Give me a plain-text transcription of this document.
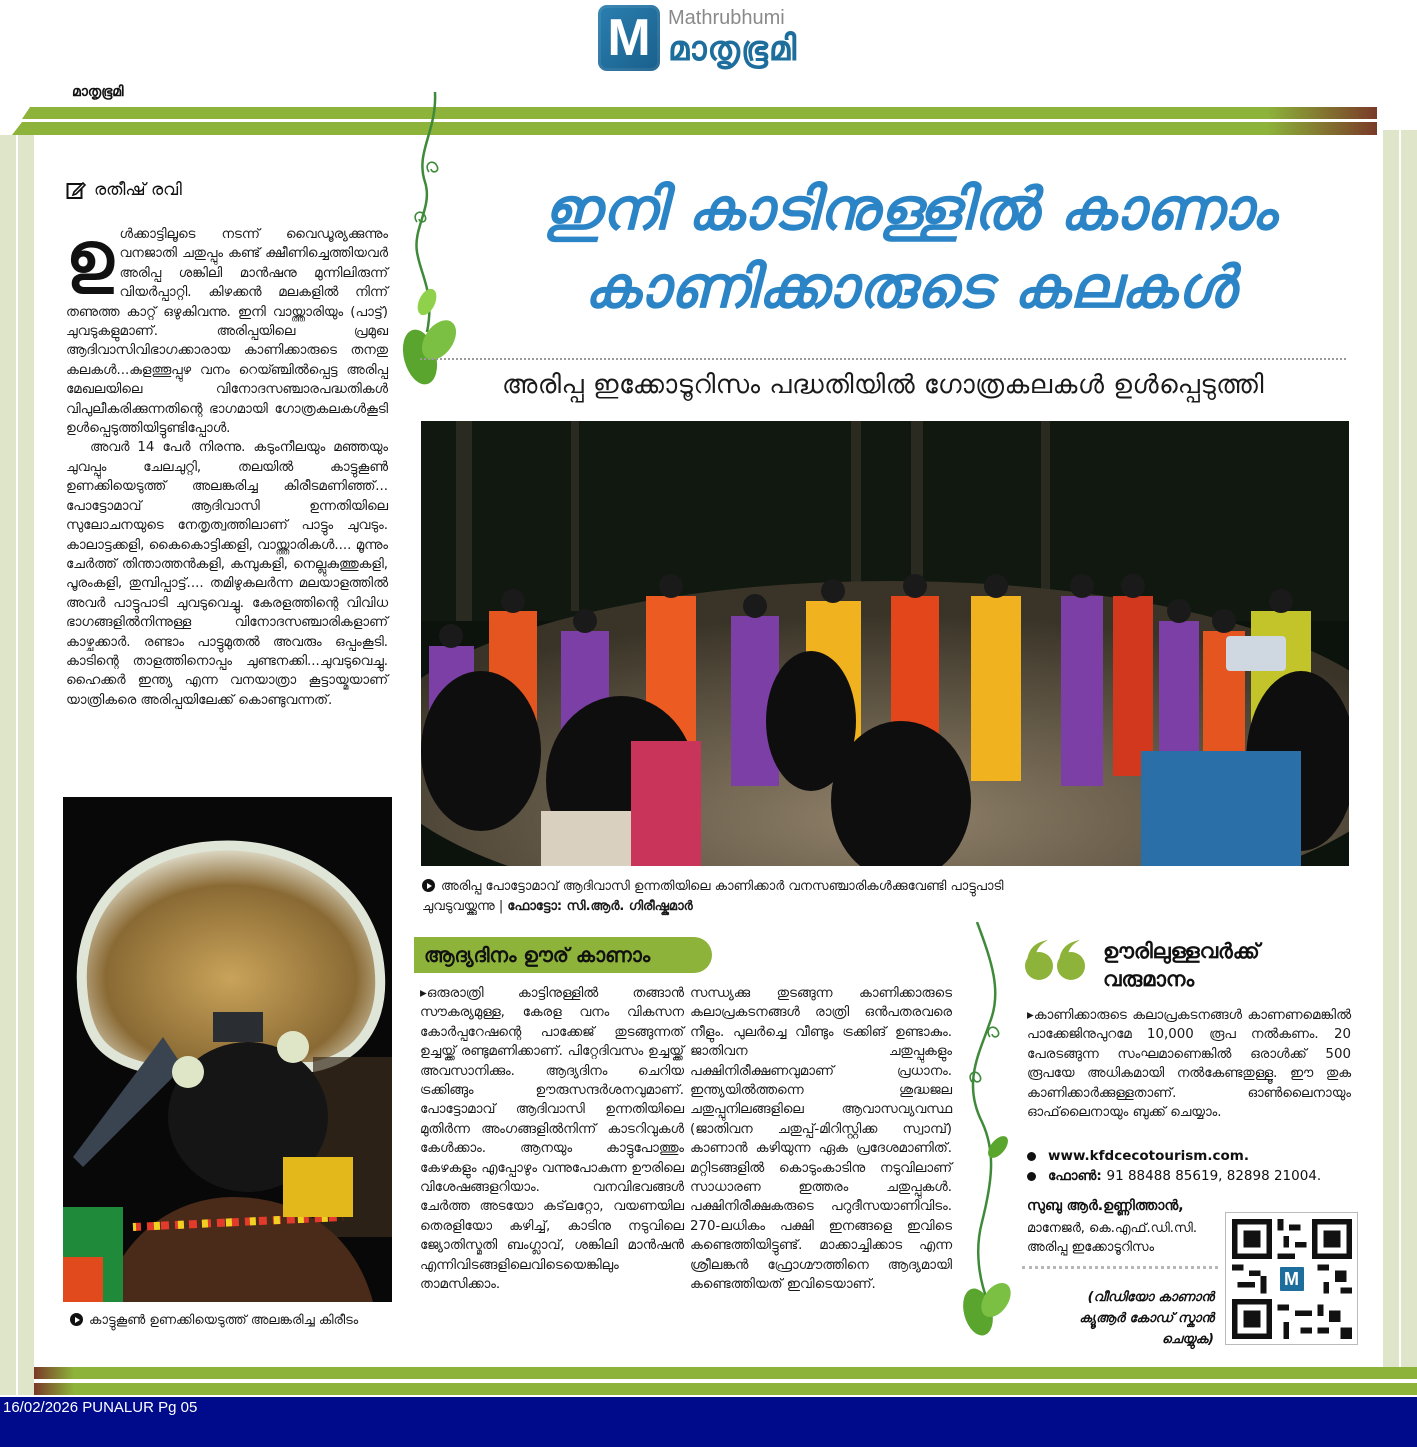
M Mathrubhumi
മാതൃഭൂമി
മാതൃഭൂമി
രതീഷ് രവി

ഉൾക്കാട്ടിലൂടെ നടന്ന് വൈഡൂര്യക്കുന്നും വനജാതി ചതുപ്പും കണ്ട് ക്ഷീണിച്ചെത്തിയവർ അരിപ്പ ശങ്കിലി മാൻഷനു മുന്നിലിരുന്ന് വിയർപ്പാറ്റി. കിഴക്കൻ മലകളിൽ നിന്ന് തണുത്ത കാറ്റ് ഒഴുകിവന്നു. ഇനി വായ്ത്താരിയും (പാട്ട്) ചുവടുകളുമാണ്. അരിപ്പയിലെ പ്രമുഖ ആദിവാസിവിഭാഗക്കാരായ കാണിക്കാരുടെ തനതു കലകൾ...കുളത്തൂപ്പുഴ വനം റെയ്ഞ്ചിൽപ്പെട്ട അരിപ്പ മേഖലയിലെ വിനോദസഞ്ചാരപദ്ധതികൾ വിപുലീകരിക്കുന്നതിന്റെ ഭാഗമായി ഗോത്രകലകൾകൂടി ഉൾപ്പെടുത്തിയിട്ടുണ്ടിപ്പോൾ.

അവർ 14 പേർ നിരന്നു. കടുംനീലയും മഞ്ഞയും ചുവപ്പും ചേലചുറ്റി, തലയിൽ കാട്ടുകൂൺ ഉണക്കിയെടുത്ത് അലങ്കരിച്ച കിരീടമണിഞ്ഞ്... പോട്ടോമാവ് ആദിവാസി ഉന്നതിയിലെ സുലോചനയുടെ നേതൃത്വത്തിലാണ് പാട്ടും ചുവടും. കാലാട്ടക്കളി, കൈകൊട്ടിക്കളി, വായ്ത്താരികൾ.... മൂന്നും ചേർത്ത് തിന്താത്തൻകളി, കമ്പുകളി, നെല്ലുകുത്തുകളി, പൂരംകളി, തുമ്പിപ്പാട്ട്.... തമിഴുകലർന്ന മലയാളത്തിൽ അവർ പാട്ടുപാടി ചുവടുവെച്ചു. കേരളത്തിന്റെ വിവിധ ഭാഗങ്ങളിൽനിന്നുള്ള വിനോദസഞ്ചാരികളാണ് കാഴ്ചക്കാർ. രണ്ടാം പാട്ടുമുതൽ അവരും ഒപ്പംകൂടി. കാടിന്റെ താളത്തിനൊപ്പം ചുണ്ടനക്കി...ചുവടുവെച്ചു. ഹൈക്കർ ഇന്ത്യ എന്ന വനയാത്രാ കൂട്ടായ്മയാണ് യാത്രികരെ അരിപ്പയിലേക്ക് കൊണ്ടുവന്നത്.

ഇനി കാടിനുള്ളിൽ കാണാം
കാണിക്കാരുടെ കലകൾ
അരിപ്പ ഇക്കോടൂറിസം പദ്ധതിയിൽ ഗോത്രകലകൾ ഉൾപ്പെടുത്തി
അരിപ്പ പോട്ടോമാവ് ആദിവാസി ഉന്നതിയിലെ കാണിക്കാർ വനസഞ്ചാരികൾക്കുവേണ്ടി പാട്ടുപാടി ചുവടുവയ്ക്കുന്നു | ഫോട്ടോ: സി.ആർ. ഗിരീഷ്കുമാർ
കാട്ടുകൂൺ ഉണക്കിയെടുത്ത് അലങ്കരിച്ച കിരീടം
ആദ്യദിനം ഊര് കാണാം
▸ഒരുരാത്രി കാട്ടിനുള്ളിൽ തങ്ങാൻ സൗകര്യമുള്ള, കേരള വനം വികസന കോർപ്പറേഷന്റെ പാക്കേജ് തുടങ്ങുന്നത് ഉച്ചയ്ക്ക് രണ്ടുമണിക്കാണ്. പിറ്റേദിവസം ഉച്ചയ്ക്ക് അവസാനിക്കും. ആദ്യദിനം ചെറിയ ട്രക്കിങ്ങും ഊരുസന്ദർശനവുമാണ്. പോട്ടോമാവ് ആദിവാസി ഉന്നതിയിലെ മുതിർന്ന അംഗങ്ങളിൽനിന്ന് കാടറിവുകൾ കേൾക്കാം. ആനയും കാട്ടുപോത്തും കേഴകളും എപ്പോഴും വന്നുപോകുന്ന ഊരിലെ വിശേഷങ്ങളറിയാം. വനവിഭവങ്ങൾ ചേർത്ത അടയോ കട്‌ലറ്റോ, വയണയില തെരളിയോ കഴിച്ച്, കാടിനു നടുവിലെ ജ്യോതിസ്മതി ബംഗ്ലാവ്, ശങ്കിലി മാൻഷൻ എന്നിവിടങ്ങളിലെവിടെയെങ്കിലും താമസിക്കാം.
സന്ധ്യക്കു തുടങ്ങുന്ന കാണിക്കാരുടെ കലാപ്രകടനങ്ങൾ രാത്രി ഒൻപതരവരെ നീളും. പുലർച്ചെ വീണ്ടും ട്രക്കിങ് ഉണ്ടാകും. ജാതിവന ചതുപ്പുകളും പക്ഷിനിരീക്ഷണവുമാണ് പ്രധാനം. ഇന്ത്യയിൽത്തന്നെ ശുദ്ധജല ചതുപ്പുനിലങ്ങളിലെ ആവാസവ്യവസ്ഥ (ജാതിവന ചതുപ്പ്-മിറിസ്റ്റിക്ക സ്വാമ്പ്) കാണാൻ കഴിയുന്ന ഏക പ്രദേശമാണിത്. മറ്റിടങ്ങളിൽ കൊടുംകാടിനു നടുവിലാണ് സാധാരണ ഇത്തരം ചതുപ്പുകൾ. പക്ഷിനിരീക്ഷകരുടെ പറുദീസയാണിവിടം. 270-ലധികം പക്ഷി ഇനങ്ങളെ ഇവിടെ കണ്ടെത്തിയിട്ടുണ്ട്. മാക്കാച്ചിക്കാട എന്ന ശ്രീലങ്കൻ ഫ്രോഗ്മൗത്തിനെ ആദ്യമായി കണ്ടെത്തിയത് ഇവിടെയാണ്.
ഊരിലുള്ളവർക്ക്
വരുമാനം
▸കാണിക്കാരുടെ കലാപ്രകടനങ്ങൾ കാണണമെങ്കിൽ പാക്കേജിനുപുറമേ 10,000 രൂപ നൽകണം. 20 പേരടങ്ങുന്ന സംഘമാണെങ്കിൽ ഒരാൾക്ക് 500 രൂപയേ അധികമായി നൽകേണ്ടതുള്ളൂ. ഈ തുക കാണിക്കാർക്കുള്ളതാണ്. ഓൺലൈനായും ഓഫ്‌ലൈനായും ബുക്ക് ചെയ്യാം.
www.kfdcecotourism.com.
ഫോൺ:
91 88488 85619, 82898 21004.
സുബു ആർ.ഉണ്ണിത്താൻ,
മാനേജർ, കെ.എഫ്.ഡി.സി.
അരിപ്പ ഇക്കോടൂറിസം
(വീഡിയോ കാണാൻ
ക്യൂആർ കോഡ് സ്കാൻ
ചെയ്യുക)
M
16/02/2026 PUNALUR Pg 05
